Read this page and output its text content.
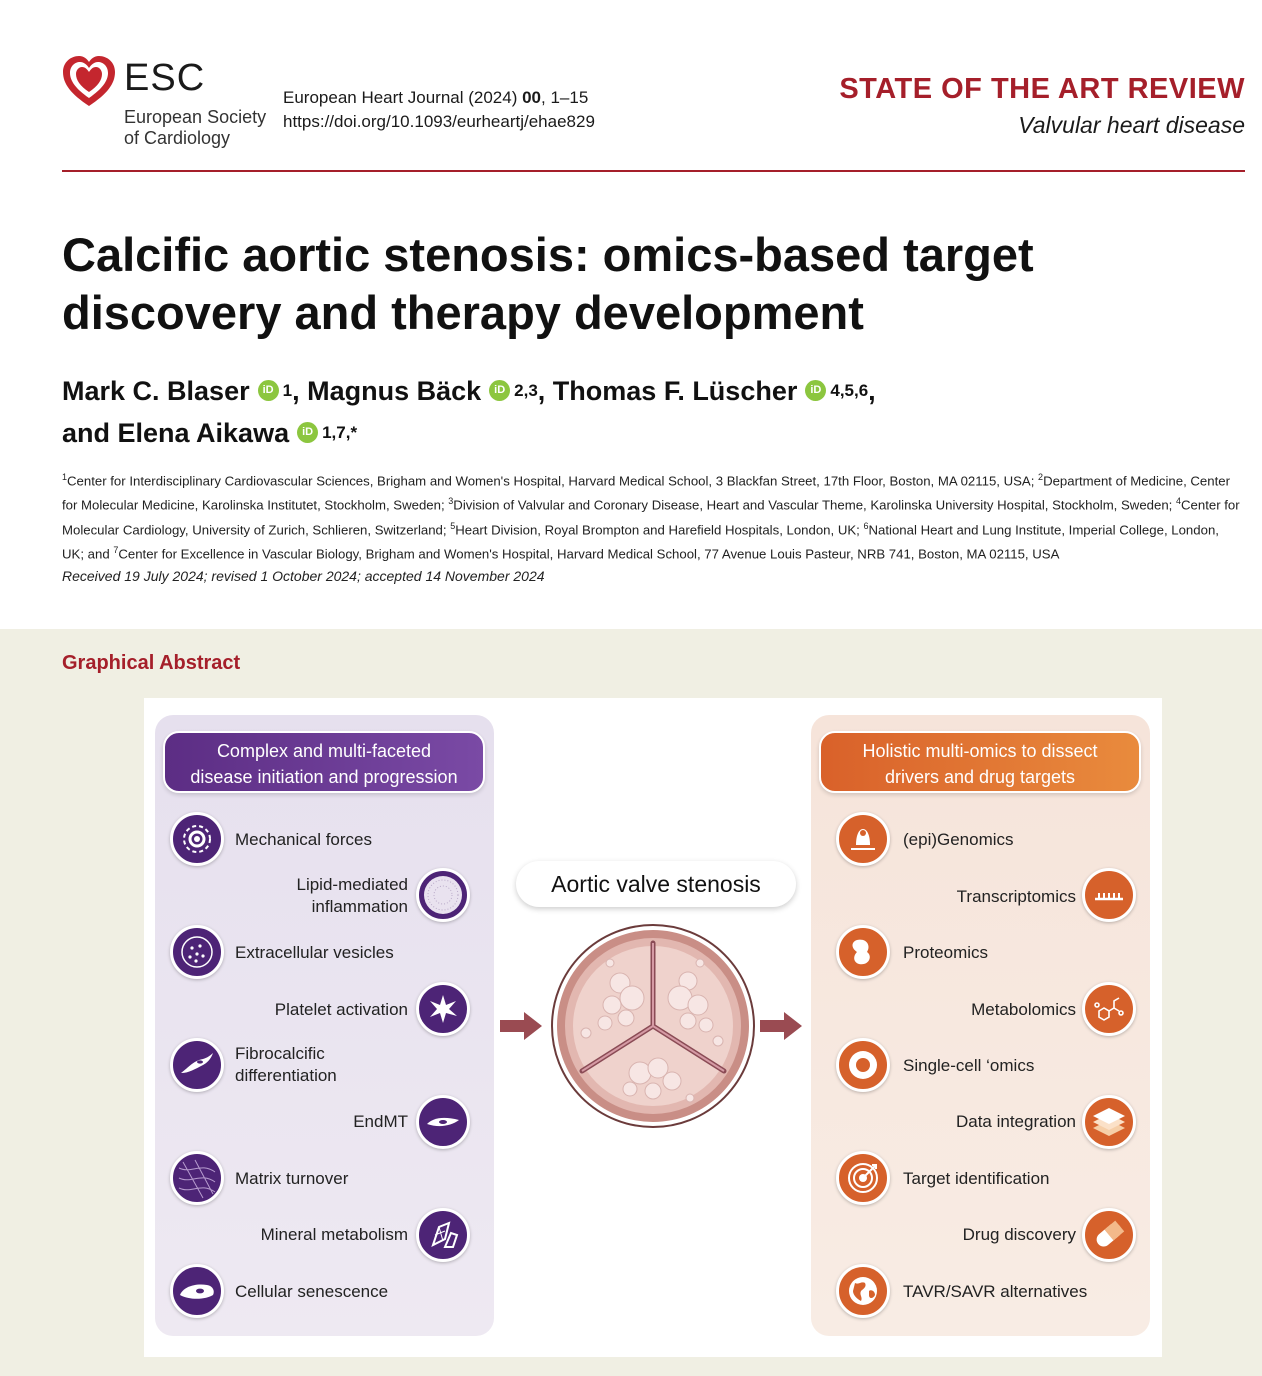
ESC
European Society
of Cardiology
European Heart Journal (2024) 00, 1–15
https://doi.org/10.1093/eurheartj/ehae829
STATE OF THE ART REVIEW
Valvular heart disease
Calcific aortic stenosis: omics-based target discovery and therapy development
Mark C. Blaser iD $^1$, Magnus Bäck iD $^{2,3}$, Thomas F. Lüscher iD $^{4,5,6}$,
and Elena Aikawa iD $^{1,7,*}$
$^1$Center for Interdisciplinary Cardiovascular Sciences, Brigham and Women's Hospital, Harvard Medical School, 3 Blackfan Street, 17th Floor, Boston, MA 02115, USA; $^2$Department of Medicine, Center for Molecular Medicine, Karolinska Institutet, Stockholm, Sweden; $^3$Division of Valvular and Coronary Disease, Heart and Vascular Theme, Karolinska University Hospital, Stockholm, Sweden; $^4$Center for Molecular Cardiology, University of Zurich, Schlieren, Switzerland; $^5$Heart Division, Royal Brompton and Harefield Hospitals, London, UK; $^6$National Heart and Lung Institute, Imperial College, London, UK; and $^7$Center for Excellence in Vascular Biology, Brigham and Women's Hospital, Harvard Medical School, 77 Avenue Louis Pasteur, NRB 741, Boston, MA 02115, USA
Received 19 July 2024; revised 1 October 2024; accepted 14 November 2024
Graphical Abstract
Complex and multi-faceted
disease initiation and progression
Holistic multi-omics to dissect
drivers and drug targets
Mechanical forces
Lipid-mediated
inflammation
Extracellular vesicles
Platelet activation
Fibrocalcific
differentiation
EndMT
Matrix turnover
Mineral metabolism
Cellular senescence
Aortic valve stenosis
(epi)Genomics
Transcriptomics
Proteomics
Metabolomics
Single-cell ‘omics
Data integration
Target identification
Drug discovery
TAVR/SAVR alternatives
